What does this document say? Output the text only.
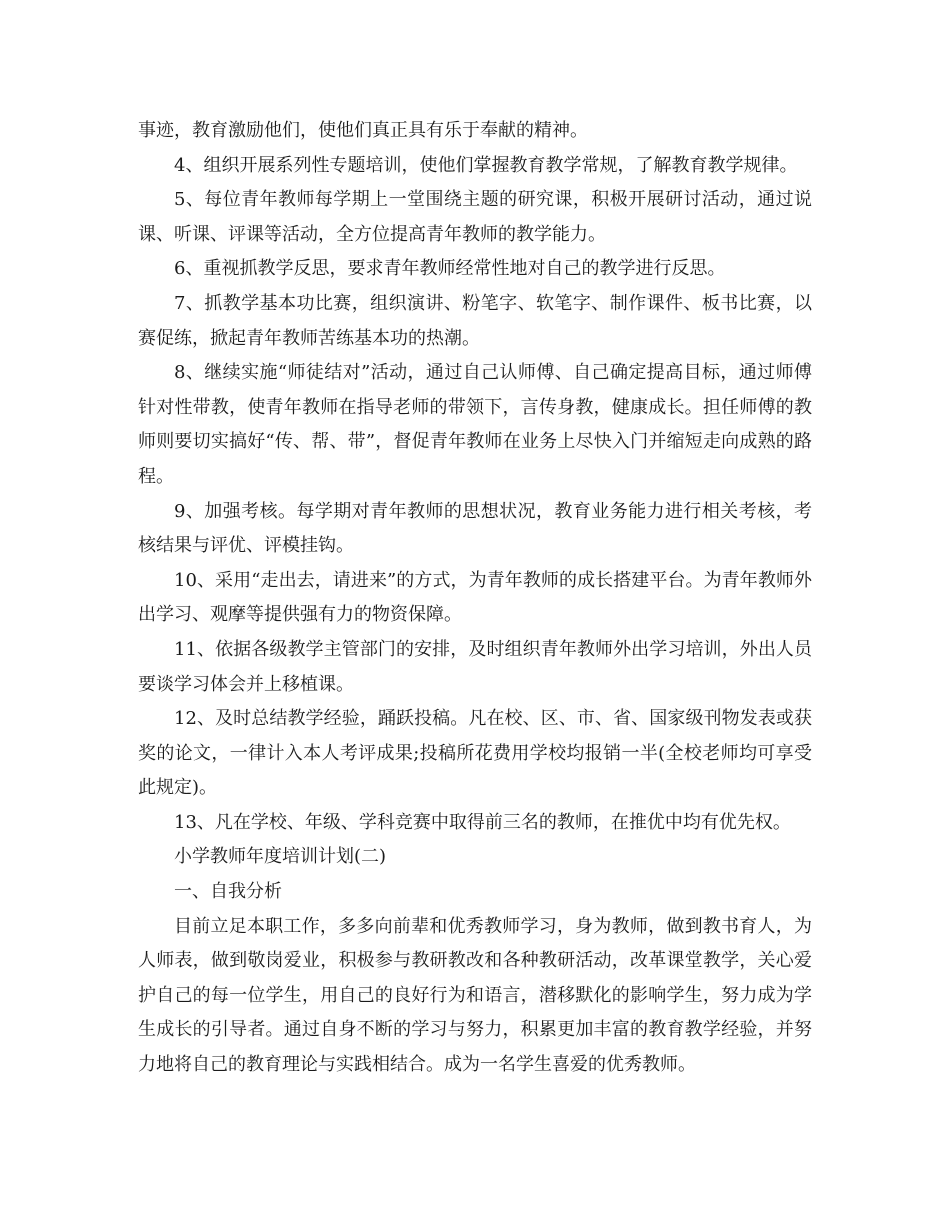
事迹，教育激励他们，使他们真正具有乐于奉献的精神。

4、组织开展系列性专题培训，使他们掌握教育教学常规，了解教育教学规律。

5、每位青年教师每学期上一堂围绕主题的研究课，积极开展研讨活动，通过说课、听课、评课等活动，全方位提高青年教师的教学能力。

6、重视抓教学反思，要求青年教师经常性地对自己的教学进行反思。

7、抓教学基本功比赛，组织演讲、粉笔字、软笔字、制作课件、板书比赛，以赛促练，掀起青年教师苦练基本功的热潮。

8、继续实施“师徒结对”活动，通过自己认师傅、自己确定提高目标，通过师傅针对性带教，使青年教师在指导老师的带领下，言传身教，健康成长。担任师傅的教师则要切实搞好“传、帮、带”，督促青年教师在业务上尽快入门并缩短走向成熟的路程。

9、加强考核。每学期对青年教师的思想状况，教育业务能力进行相关考核，考核结果与评优、评模挂钩。

10、采用“走出去，请进来”的方式，为青年教师的成长搭建平台。为青年教师外出学习、观摩等提供强有力的物资保障。

11、依据各级教学主管部门的安排，及时组织青年教师外出学习培训，外出人员要谈学习体会并上移植课。

12、及时总结教学经验，踊跃投稿。凡在校、区、市、省、国家级刊物发表或获奖的论文，一律计入本人考评成果;投稿所花费用学校均报销一半(全校老师均可享受此规定)。

13、凡在学校、年级、学科竞赛中取得前三名的教师，在推优中均有优先权。

小学教师年度培训计划(二)

一、自我分析

目前立足本职工作，多多向前辈和优秀教师学习，身为教师，做到教书育人，为人师表，做到敬岗爱业，积极参与教研教改和各种教研活动，改革课堂教学，关心爱护自己的每一位学生，用自己的良好行为和语言，潜移默化的影响学生，努力成为学生成长的引导者。通过自身不断的学习与努力，积累更加丰富的教育教学经验，并努力地将自己的教育理论与实践相结合。成为一名学生喜爱的优秀教师。
